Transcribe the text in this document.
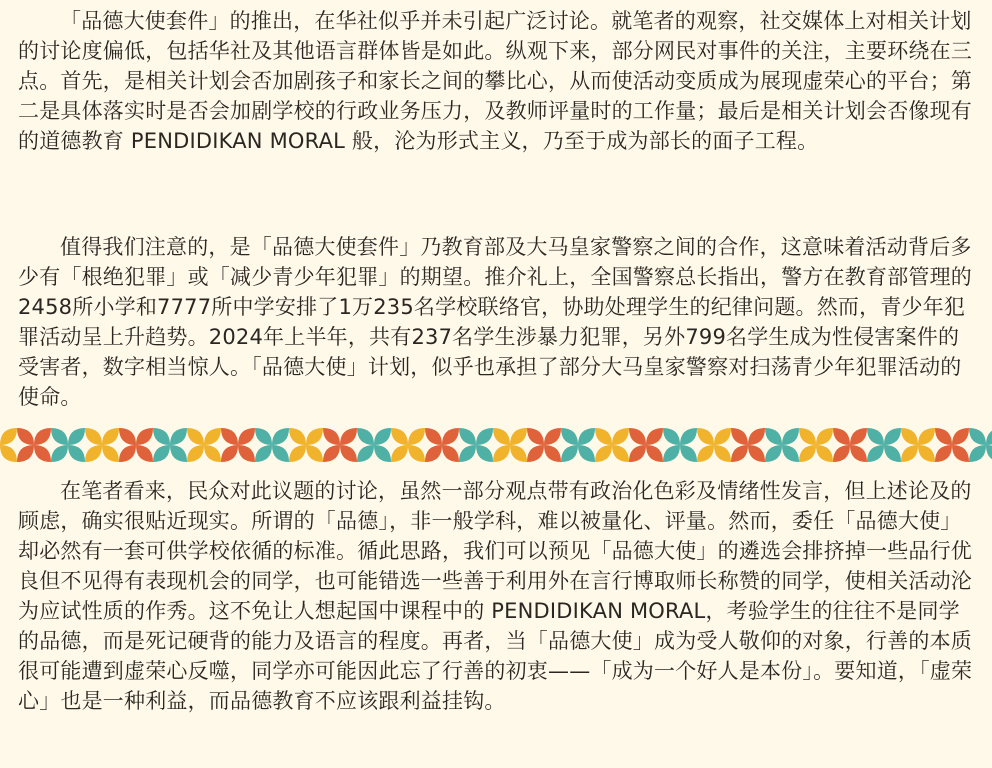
「品德大使套件」的推出，在华社似乎并未引起广泛讨论。就笔者的观察，社交媒体上对相关计划的讨论度偏低，包括华社及其他语言群体皆是如此。纵观下来，部分网民对事件的关注，主要环绕在三点。首先，是相关计划会否加剧孩子和家长之间的攀比心，从而使活动变质成为展现虚荣心的平台；第二是具体落实时是否会加剧学校的行政业务压力，及教师评量时的工作量；最后是相关计划会否像现有的道德教育 PENDIDIKAN MORAL 般，沦为形式主义，乃至于成为部长的面子工程。

值得我们注意的，是「品德大使套件」乃教育部及大马皇家警察之间的合作，这意味着活动背后多少有「根绝犯罪」或「减少青少年犯罪」的期望。推介礼上，全国警察总长指出，警方在教育部管理的2458所小学和7777所中学安排了1万235名学校联络官，协助处理学生的纪律问题。然而，青少年犯罪活动呈上升趋势。2024年上半年，共有237名学生涉暴力犯罪，另外799名学生成为性侵害案件的受害者，数字相当惊人。「品德大使」计划，似乎也承担了部分大马皇家警察对扫荡青少年犯罪活动的使命。

在笔者看来，民众对此议题的讨论，虽然一部分观点带有政治化色彩及情绪性发言，但上述论及的顾虑，确实很贴近现实。所谓的「品德」，非一般学科，难以被量化、评量。然而，委任「品德大使」却必然有一套可供学校依循的标准。循此思路，我们可以预见「品德大使」的遴选会排挤掉一些品行优良但不见得有表现机会的同学，也可能错选一些善于利用外在言行博取师长称赞的同学，使相关活动沦为应试性质的作秀。这不免让人想起国中课程中的 PENDIDIKAN MORAL，考验学生的往往不是同学的品德，而是死记硬背的能力及语言的程度。再者，当「品德大使」成为受人敬仰的对象，行善的本质很可能遭到虚荣心反噬，同学亦可能因此忘了行善的初衷——「成为一个好人是本份」。要知道，「虚荣心」也是一种利益，而品德教育不应该跟利益挂钩。
